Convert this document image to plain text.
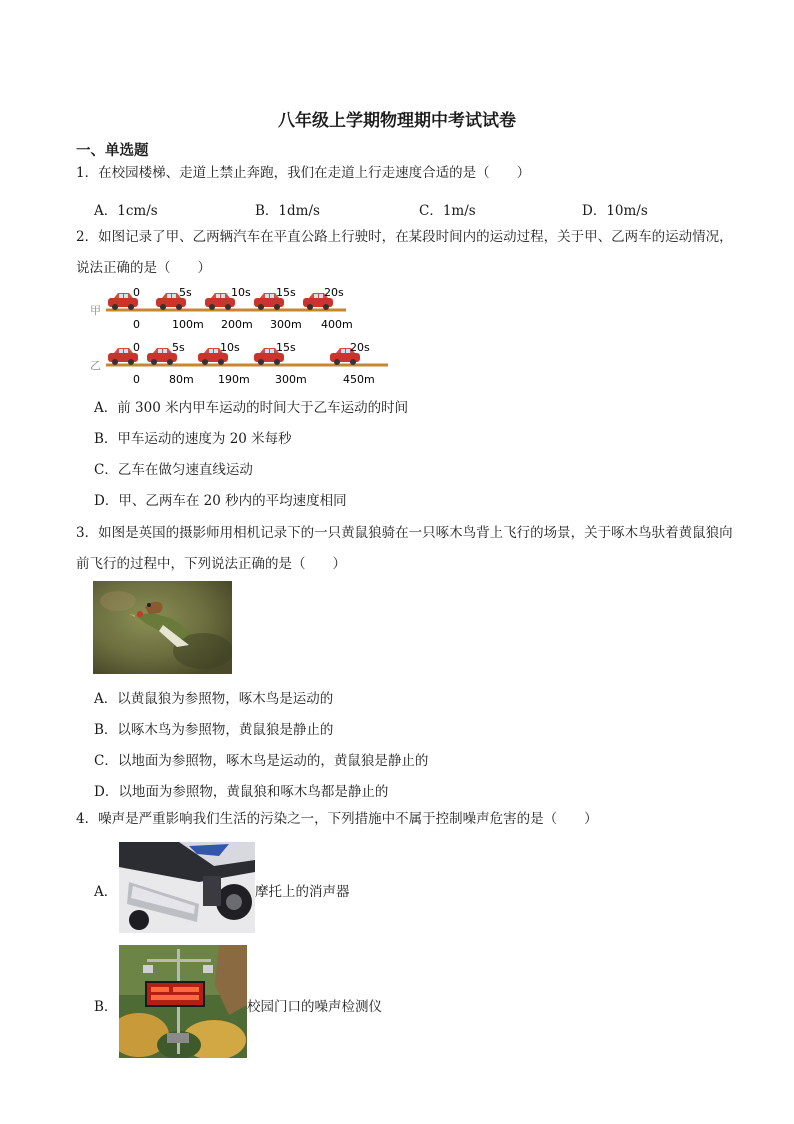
八年级上学期物理期中考试试卷
一、单选题
1．在校园楼梯、走道上禁止奔跑，我们在走道上行走速度合适的是（　　）
A．1cm/s	B．1dm/s	C．1m/s	D．10m/s
2．如图记录了甲、乙两辆汽车在平直公路上行驶时，在某段时间内的运动过程，关于甲、乙两车的运动情况，说法正确的是（　　）
甲
0	5s	10s 15s	20s
0	100m 200m 300m 400m
乙
0	5s	10s	15s	20s
0	80m 190m 300m	450m
A．前 300 米内甲车运动的时间大于乙车运动的时间
B．甲车运动的速度为 20 米每秒
C．乙车在做匀速直线运动
D．甲、乙两车在 20 秒内的平均速度相同
3．如图是英国的摄影师用相机记录下的一只黄鼠狼骑在一只啄木鸟背上飞行的场景，关于啄木鸟驮着黄鼠狼向前飞行的过程中，下列说法正确的是（　　）
A．以黄鼠狼为参照物，啄木鸟是运动的
B．以啄木鸟为参照物，黄鼠狼是静止的
C．以地面为参照物，啄木鸟是运动的，黄鼠狼是静止的
D．以地面为参照物，黄鼠狼和啄木鸟都是静止的
4．噪声是严重影响我们生活的污染之一，下列措施中不属于控制噪声危害的是（　　）
A．	摩托上的消声器
B．	校园门口的噪声检测仪
